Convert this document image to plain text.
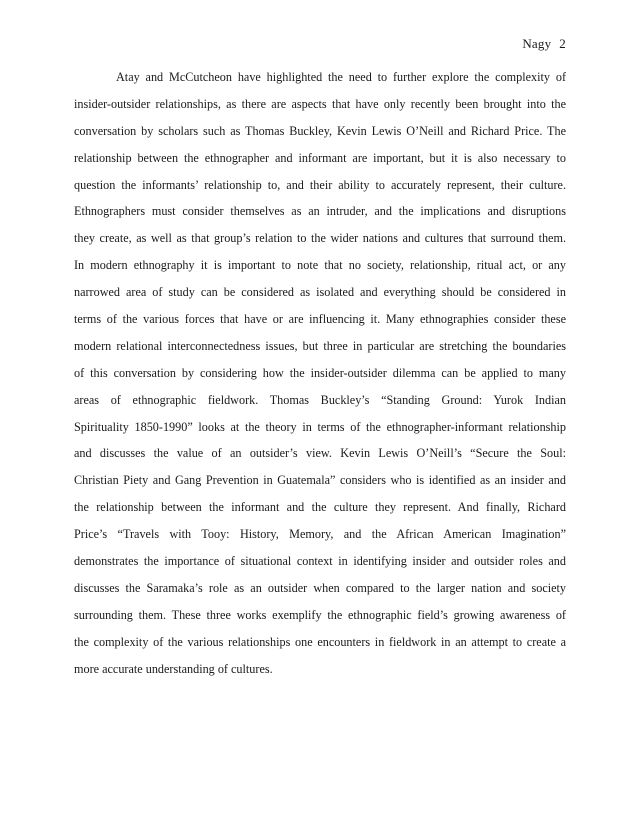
Nagy 2
Atay and McCutcheon have highlighted the need to further explore the complexity of
insider-outsider relationships, as there are aspects that have only recently been brought into the
conversation by scholars such as Thomas Buckley, Kevin Lewis O’Neill and Richard Price. The
relationship between the ethnographer and informant are important, but it is also necessary to
question the informants’ relationship to, and their ability to accurately represent, their culture.
Ethnographers must consider themselves as an intruder, and the implications and disruptions
they create, as well as that group’s relation to the wider nations and cultures that surround them.
In modern ethnography it is important to note that no society, relationship, ritual act, or any
narrowed area of study can be considered as isolated and everything should be considered in
terms of the various forces that have or are influencing it. Many ethnographies consider these
modern relational interconnectedness issues, but three in particular are stretching the boundaries
of this conversation by considering how the insider-outsider dilemma can be applied to many
areas of ethnographic fieldwork. Thomas Buckley’s “Standing Ground: Yurok Indian
Spirituality 1850-1990” looks at the theory in terms of the ethnographer-informant relationship
and discusses the value of an outsider’s view. Kevin Lewis O’Neill’s “Secure the Soul:
Christian Piety and Gang Prevention in Guatemala” considers who is identified as an insider and
the relationship between the informant and the culture they represent. And finally, Richard
Price’s “Travels with Tooy: History, Memory, and the African American Imagination”
demonstrates the importance of situational context in identifying insider and outsider roles and
discusses the Saramaka’s role as an outsider when compared to the larger nation and society
surrounding them. These three works exemplify the ethnographic field’s growing awareness of
the complexity of the various relationships one encounters in fieldwork in an attempt to create a
more accurate understanding of cultures.
